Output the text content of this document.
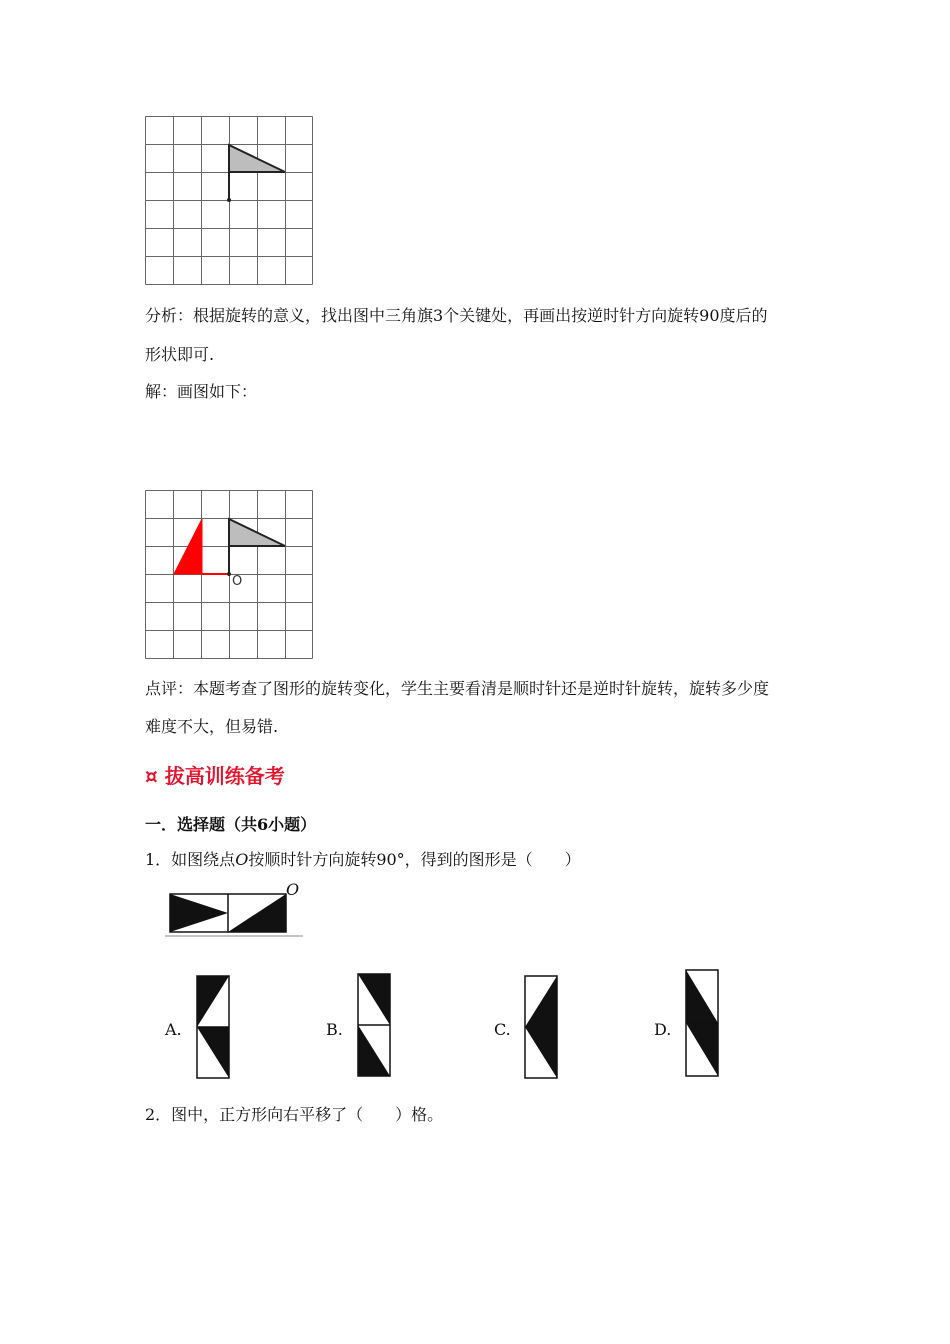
分析：根据旋转的意义，找出图中三角旗3个关键处，再画出按逆时针方向旋转90度后的
形状即可.
解：画图如下：
O
点评：本题考查了图形的旋转变化，学生主要看清是顺时针还是逆时针旋转，旋转多少度
难度不大，但易错.
¤ 拔高训练备考
一．选择题（共6小题）
1．如图绕点O按顺时针方向旋转90°，得到的图形是（　　）
O
A.	B.	C.	D.
2．图中，正方形向右平移了（　　）格。
